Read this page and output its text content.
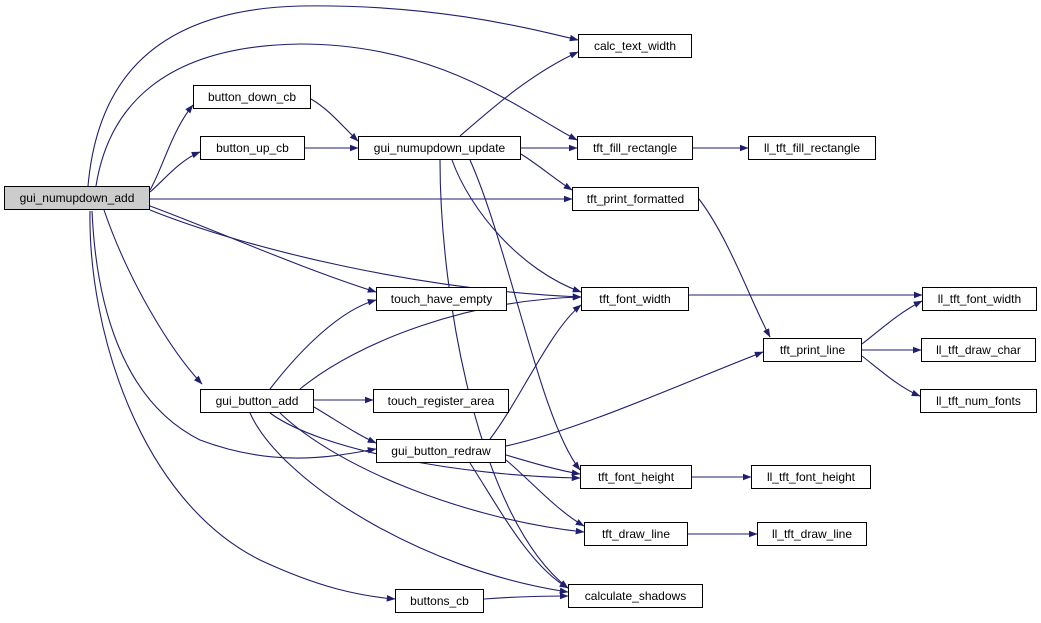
gui_numupdown_add
button_down_cb
button_up_cb	gui_numupdown_update
calc_text_width
tft_fill_rectangle	ll_tft_fill_rectangle
tft_print_formatted
touch_have_empty	tft_font_width	ll_tft_font_width
tft_print_line	ll_tft_draw_char
ll_tft_num_fonts
gui_button_add	touch_register_area
gui_button_redraw
tft_font_height	ll_tft_font_height
tft_draw_line	ll_tft_draw_line
buttons_cb	calculate_shadows
